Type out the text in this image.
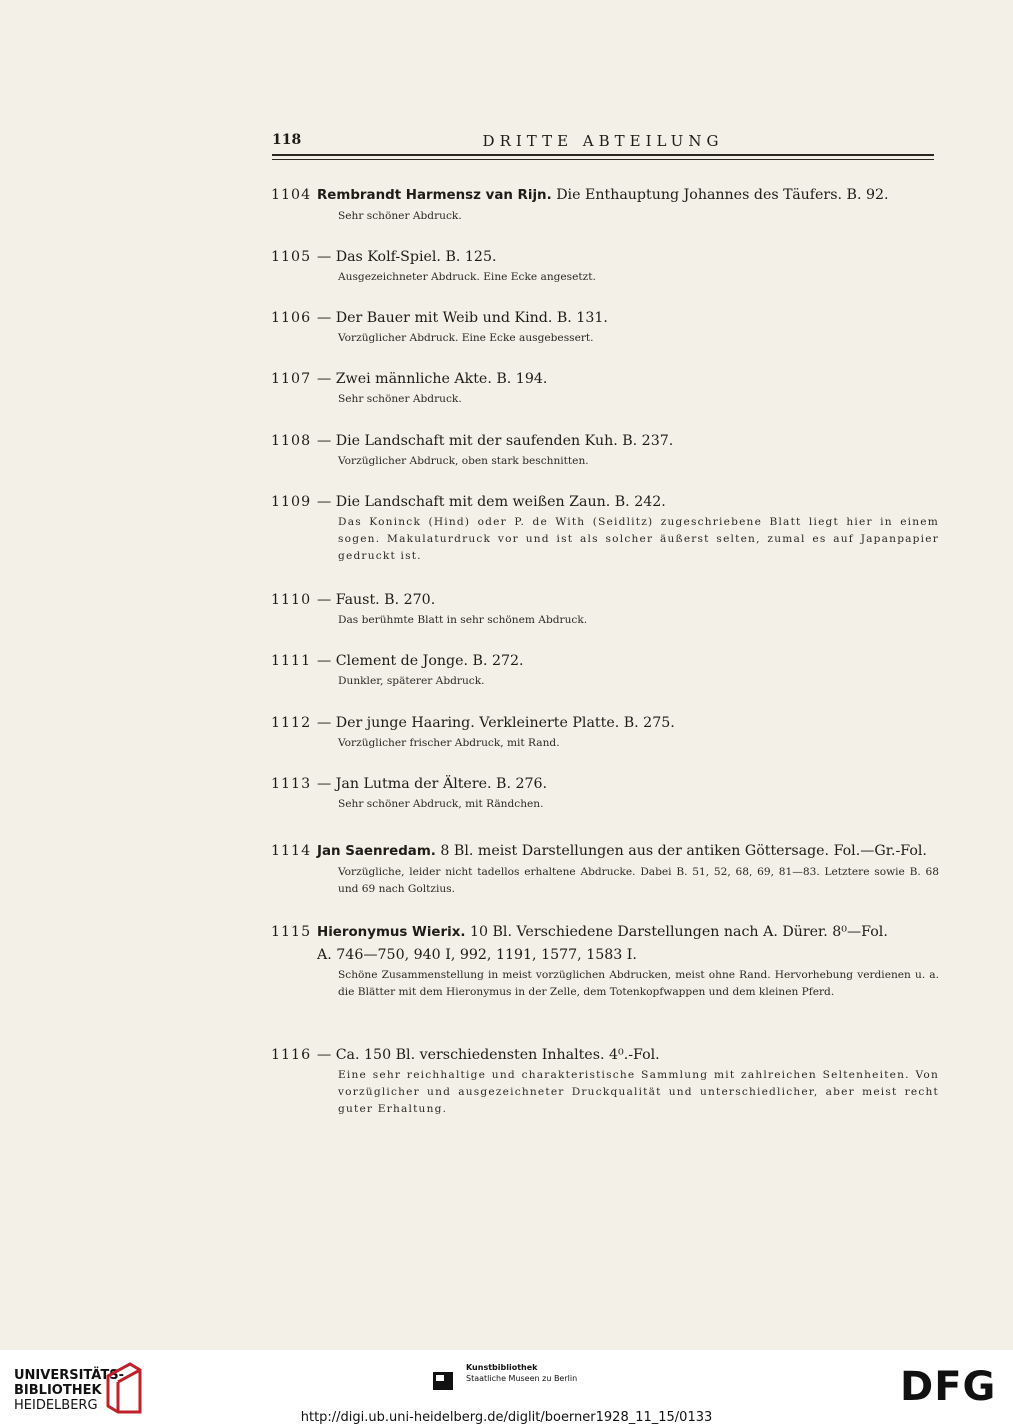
118	DRITTE ABTEILUNG
1104 Rembrandt Harmensz van Rijn. Die Enthauptung Johannes des Täufers. B. 92.
Sehr schöner Abdruck.
1105 — Das Kolf-Spiel. B. 125.
Ausgezeichneter Abdruck. Eine Ecke angesetzt.
1106 — Der Bauer mit Weib und Kind. B. 131.
Vorzüglicher Abdruck. Eine Ecke ausgebessert.
1107 — Zwei männliche Akte. B. 194.
Sehr schöner Abdruck.
1108 — Die Landschaft mit der saufenden Kuh. B. 237.
Vorzüglicher Abdruck, oben stark beschnitten.
1109 — Die Landschaft mit dem weißen Zaun. B. 242.
Das Koninck (Hind) oder P. de With (Seidlitz) zugeschriebene Blatt liegt hier in einem sogen. Makulaturdruck vor und ist als solcher äußerst selten, zumal es auf Japanpapier gedruckt ist.
1110 — Faust. B. 270.
Das berühmte Blatt in sehr schönem Abdruck.
1111 — Clement de Jonge. B. 272.
Dunkler, späterer Abdruck.
1112 — Der junge Haaring. Verkleinerte Platte. B. 275.
Vorzüglicher frischer Abdruck, mit Rand.
1113 — Jan Lutma der Ältere. B. 276.
Sehr schöner Abdruck, mit Rändchen.
1114 Jan Saenredam. 8 Bl. meist Darstellungen aus der antiken Göttersage. Fol.—Gr.-Fol.
Vorzügliche, leider nicht tadellos erhaltene Abdrucke. Dabei B. 51, 52, 68, 69, 81—83. Letztere sowie B. 68 und 69 nach Goltzius.
1115 Hieronymus Wierix. 10 Bl. Verschiedene Darstellungen nach A. Dürer. 8⁰—Fol.
A. 746—750, 940 I, 992, 1191, 1577, 1583 I.
Schöne Zusammenstellung in meist vorzüglichen Abdrucken, meist ohne Rand. Hervorhebung verdienen u. a. die Blätter mit dem Hieronymus in der Zelle, dem Totenkopfwappen und dem kleinen Pferd.
1116 — Ca. 150 Bl. verschiedensten Inhaltes. 4⁰.-Fol.
Eine sehr reichhaltige und charakteristische Sammlung mit zahlreichen Seltenheiten. Von vorzüglicher und ausgezeichneter Druckqualität und unterschiedlicher, aber meist recht guter Erhaltung.
UNIVERSITÄTS-
BIBLIOTHEK
HEIDELBERG
Kunstbibliothek
Staatliche Museen zu Berlin	DFG
http://digi.ub.uni-heidelberg.de/diglit/boerner1928_11_15/0133
